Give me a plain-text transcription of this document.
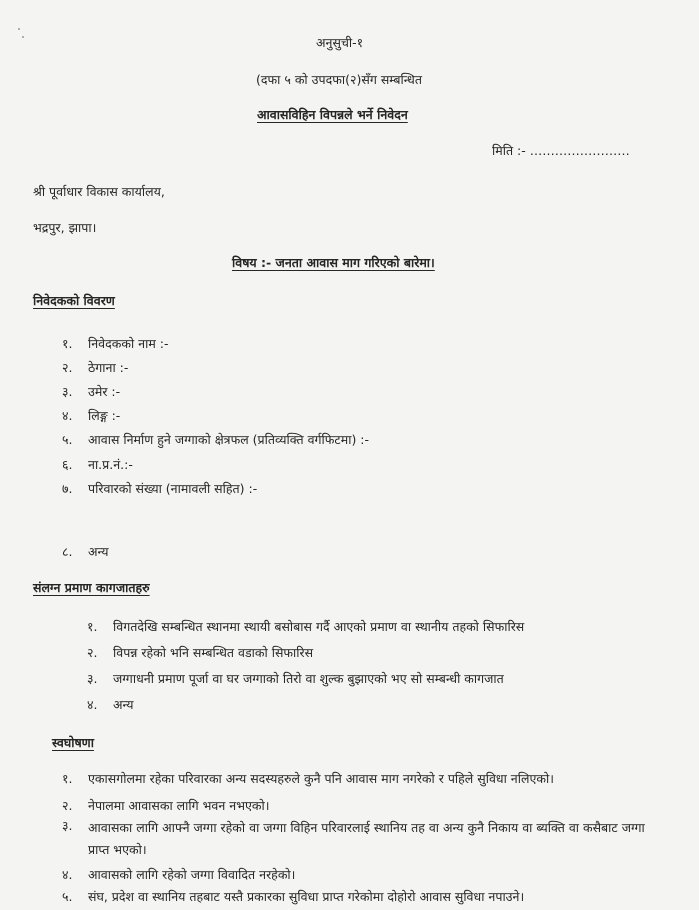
अनुसुची-१
(दफा ५ को उपदफा(२)सँग सम्बन्धित
आवासविहिन विपन्नले भर्ने निवेदन
मिति :- ……………………
श्री पूर्वाधार विकास कार्यालय,
भद्रपुर, झापा।
विषय :- जनता आवास माग गरिएको बारेमा।
निवेदकको विवरण
१. निवेदकको नाम :-
२. ठेगाना :-
३. उमेर :-
४. लिङ्ग :-
५. आवास निर्माण हुने जग्गाको क्षेत्रफल (प्रतिव्यक्ति वर्गफिटमा) :-
६. ना.प्र.नं.:-
७. परिवारको संख्या (नामावली सहित) :-
८. अन्य
संलग्न प्रमाण कागजातहरु
१. विगतदेखि सम्बन्धित स्थानमा स्थायी बसोबास गर्दै आएको प्रमाण वा स्थानीय तहको सिफारिस
२. विपन्न रहेको भनि सम्बन्धित वडाको सिफारिस
३. जग्गाधनी प्रमाण पूर्जा वा घर जग्गाको तिरो वा शुल्क बुझाएको भए सो सम्बन्धी कागजात
४. अन्य
स्वघोषणा
१. एकासगोलमा रहेका परिवारका अन्य सदस्यहरुले कुनै पनि आवास माग नगरेको र पहिले सुविधा नलिएको।
२. नेपालमा आवासका लागि भवन नभएको।
३.	आवासका लागि आफ्नै जग्गा रहेको वा जग्गा विहिन परिवारलाई स्थानिय तह वा अन्य कुनै निकाय वा ब्यक्ति वा कसैबाट जग्गा प्राप्त भएको।
४. आवासको लागि रहेको जग्गा विवादित नरहेको।
५. संघ, प्रदेश वा स्थानिय तहबाट यस्तै प्रकारका सुविधा प्राप्त गरेकोमा दोहोरो आवास सुविधा नपाउने।
